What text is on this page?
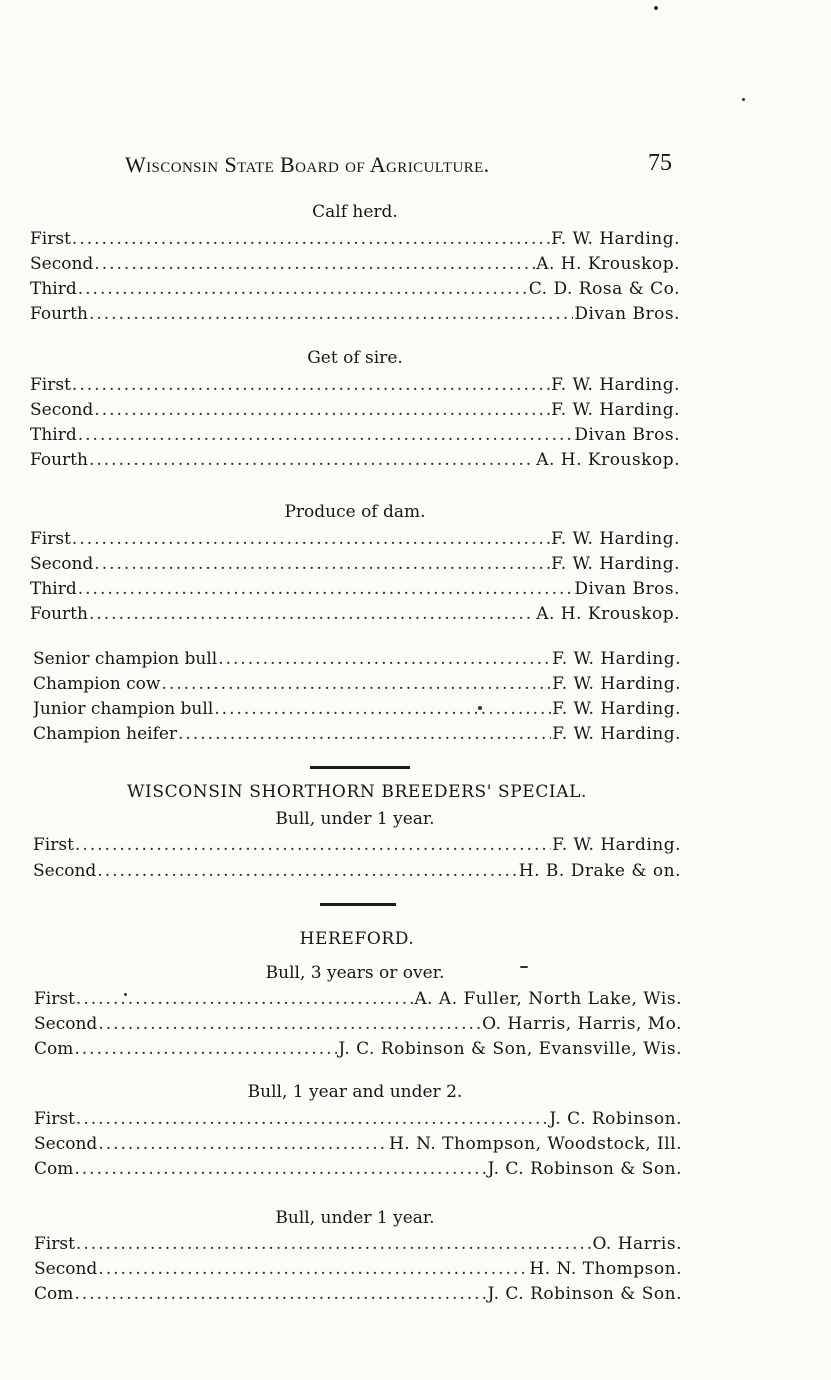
Wisconsin State Board of Agriculture.	75
Calf herd.
First .....	F. W. Harding.
Second .....	A. H. Krouskop.
Third .....	C. D. Rosa & Co.
Fourth .....	Divan Bros.
Get of sire.
First .....	F. W. Harding.
Second .....	F. W. Harding.
Third .....	Divan Bros.
Fourth .....	A. H. Krouskop.
Produce of dam.
First .....	F. W. Harding.
Second .....	F. W. Harding.
Third .....	Divan Bros.
Fourth .....	A. H. Krouskop.
Senior champion bull .....	F. W. Harding.
Champion cow .....	F. W. Harding.
Junior champion bull .....	F. W. Harding.
Champion heifer .....	F. W. Harding.
WISCONSIN SHORTHORN BREEDERS' SPECIAL.
Bull, under 1 year.
First .....	F. W. Harding.
Second .....	H. B. Drake & on.
HEREFORD.
Bull, 3 years or over.
First .....	A. A. Fuller, North Lake, Wis.
Second .....	O. Harris, Harris, Mo.
Com .....	J. C. Robinson & Son, Evansville, Wis.
Bull, 1 year and under 2.
First .....	J. C. Robinson.
Second .....	H. N. Thompson, Woodstock, Ill.
Com .....	J. C. Robinson & Son.
Bull, under 1 year.
First .....	O. Harris.
Second .....	H. N. Thompson.
Com .....	J. C. Robinson & Son.
